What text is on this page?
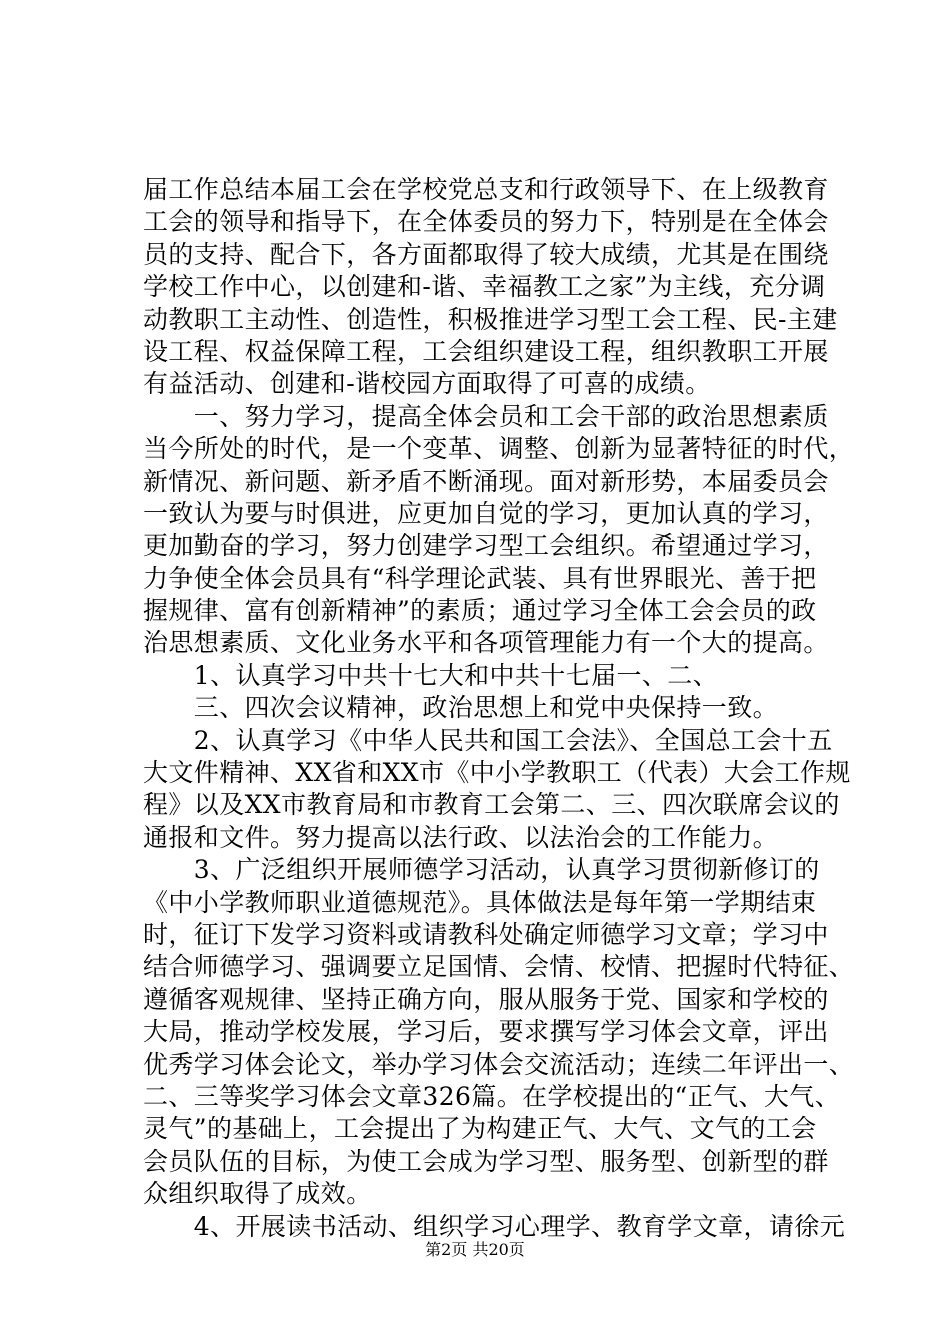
届工作总结本届工会在学校党总支和行政领导下、在上级教育
工会的领导和指导下，在全体委员的努力下，特别是在全体会
员的支持、配合下，各方面都取得了较大成绩，尤其是在围绕
学校工作中心，以创建和-谐、幸福教工之家”为主线，充分调
动教职工主动性、创造性，积极推进学习型工会工程、民-主建
设工程、权益保障工程，工会组织建设工程，组织教职工开展
有益活动、创建和-谐校园方面取得了可喜的成绩。
　　一、努力学习，提高全体会员和工会干部的政治思想素质
当今所处的时代，是一个变革、调整、创新为显著特征的时代，
新情况、新问题、新矛盾不断涌现。面对新形势，本届委员会
一致认为要与时俱进，应更加自觉的学习，更加认真的学习，
更加勤奋的学习，努力创建学习型工会组织。希望通过学习，
力争使全体会员具有“科学理论武装、具有世界眼光、善于把
握规律、富有创新精神”的素质；通过学习全体工会会员的政
治思想素质、文化业务水平和各项管理能力有一个大的提高。
　　1、认真学习中共十七大和中共十七届一、二、
　　三、四次会议精神，政治思想上和党中央保持一致。
　　2、认真学习《中华人民共和国工会法》、全国总工会十五
大文件精神、XX省和XX市《中小学教职工（代表）大会工作规
程》以及XX市教育局和市教育工会第二、三、四次联席会议的
通报和文件。努力提高以法行政、以法治会的工作能力。
　　3、广泛组织开展师德学习活动，认真学习贯彻新修订的
《中小学教师职业道德规范》。具体做法是每年第一学期结束
时，征订下发学习资料或请教科处确定师德学习文章；学习中
结合师德学习、强调要立足国情、会情、校情、把握时代特征、
遵循客观规律、坚持正确方向，服从服务于党、国家和学校的
大局，推动学校发展，学习后，要求撰写学习体会文章，评出
优秀学习体会论文，举办学习体会交流活动；连续二年评出一、
二、三等奖学习体会文章326篇。在学校提出的“正气、大气、
灵气”的基础上，工会提出了为构建正气、大气、文气的工会
会员队伍的目标，为使工会成为学习型、服务型、创新型的群
众组织取得了成效。
　　4、开展读书活动、组织学习心理学、教育学文章，请徐元
第2页 共20页
